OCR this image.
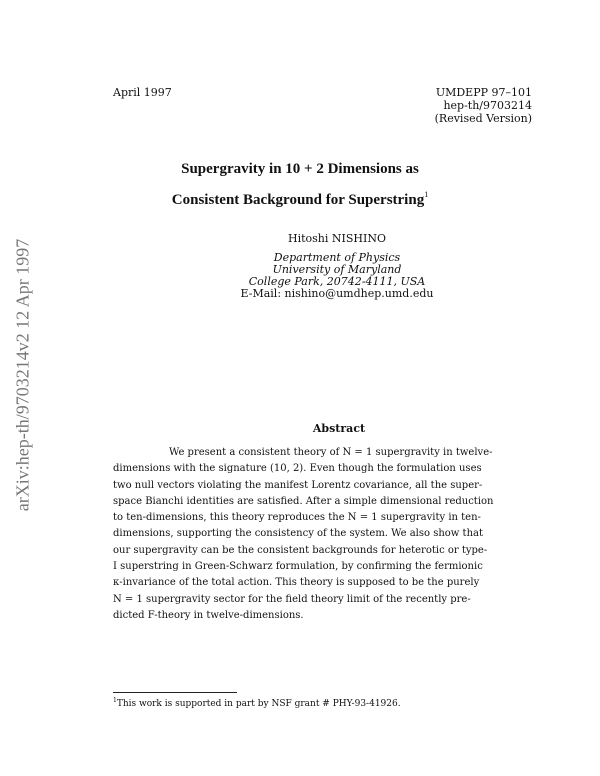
April 1997	UMDEPP 97–101
hep-th/9703214
(Revised Version)
arXiv:hep-th/9703214v2 12 Apr 1997
Supergravity in 10 + 2 Dimensions as
Consistent Background for Superstring$^1$
Hitoshi NISHINO
Department of Physics
University of Maryland
College Park, 20742-4111, USA
E-Mail: nishino@umdhep.umd.edu
Abstract
We present a consistent theory of N = 1 supergravity in twelve-
dimensions with the signature (10, 2). Even though the formulation uses
two null vectors violating the manifest Lorentz covariance, all the super-
space Bianchi identities are satisfied. After a simple dimensional reduction
to ten-dimensions, this theory reproduces the N = 1 supergravity in ten-
dimensions, supporting the consistency of the system. We also show that
our supergravity can be the consistent backgrounds for heterotic or type-
I superstring in Green-Schwarz formulation, by confirming the fermionic
κ-invariance of the total action. This theory is supposed to be the purely
N = 1 supergravity sector for the field theory limit of the recently pre-
dicted F-theory in twelve-dimensions.
$^1$This work is supported in part by NSF grant # PHY-93-41926.
